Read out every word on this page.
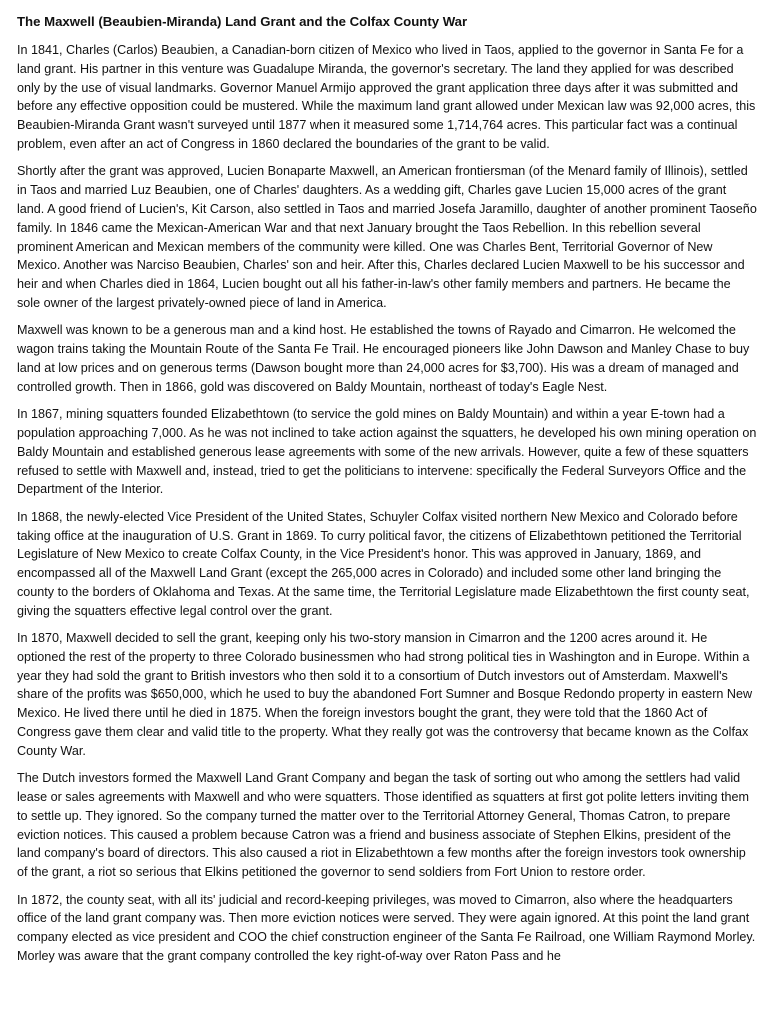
The Maxwell (Beaubien-Miranda) Land Grant and the Colfax County War

In 1841, Charles (Carlos) Beaubien, a Canadian-born citizen of Mexico who lived in Taos, applied to the governor in Santa Fe for a land grant. His partner in this venture was Guadalupe Miranda, the governor's secretary. The land they applied for was described only by the use of visual landmarks. Governor Manuel Armijo approved the grant application three days after it was submitted and before any effective opposition could be mustered. While the maximum land grant allowed under Mexican law was 92,000 acres, this Beaubien-Miranda Grant wasn't surveyed until 1877 when it measured some 1,714,764 acres. This particular fact was a continual problem, even after an act of Congress in 1860 declared the boundaries of the grant to be valid.

Shortly after the grant was approved, Lucien Bonaparte Maxwell, an American frontiersman (of the Menard family of Illinois), settled in Taos and married Luz Beaubien, one of Charles' daughters. As a wedding gift, Charles gave Lucien 15,000 acres of the grant land. A good friend of Lucien's, Kit Carson, also settled in Taos and married Josefa Jaramillo, daughter of another prominent Taoseño family. In 1846 came the Mexican-American War and that next January brought the Taos Rebellion. In this rebellion several prominent American and Mexican members of the community were killed. One was Charles Bent, Territorial Governor of New Mexico. Another was Narciso Beaubien, Charles' son and heir. After this, Charles declared Lucien Maxwell to be his successor and heir and when Charles died in 1864, Lucien bought out all his father-in-law's other family members and partners. He became the sole owner of the largest privately-owned piece of land in America.

Maxwell was known to be a generous man and a kind host. He established the towns of Rayado and Cimarron. He welcomed the wagon trains taking the Mountain Route of the Santa Fe Trail. He encouraged pioneers like John Dawson and Manley Chase to buy land at low prices and on generous terms (Dawson bought more than 24,000 acres for $3,700). His was a dream of managed and controlled growth. Then in 1866, gold was discovered on Baldy Mountain, northeast of today's Eagle Nest.

In 1867, mining squatters founded Elizabethtown (to service the gold mines on Baldy Mountain) and within a year E-town had a population approaching 7,000. As he was not inclined to take action against the squatters, he developed his own mining operation on Baldy Mountain and established generous lease agreements with some of the new arrivals. However, quite a few of these squatters refused to settle with Maxwell and, instead, tried to get the politicians to intervene: specifically the Federal Surveyors Office and the Department of the Interior.

In 1868, the newly-elected Vice President of the United States, Schuyler Colfax visited northern New Mexico and Colorado before taking office at the inauguration of U.S. Grant in 1869. To curry political favor, the citizens of Elizabethtown petitioned the Territorial Legislature of New Mexico to create Colfax County, in the Vice President's honor. This was approved in January, 1869, and encompassed all of the Maxwell Land Grant (except the 265,000 acres in Colorado) and included some other land bringing the county to the borders of Oklahoma and Texas. At the same time, the Territorial Legislature made Elizabethtown the first county seat, giving the squatters effective legal control over the grant.

In 1870, Maxwell decided to sell the grant, keeping only his two-story mansion in Cimarron and the 1200 acres around it. He optioned the rest of the property to three Colorado businessmen who had strong political ties in Washington and in Europe. Within a year they had sold the grant to British investors who then sold it to a consortium of Dutch investors out of Amsterdam. Maxwell's share of the profits was $650,000, which he used to buy the abandoned Fort Sumner and Bosque Redondo property in eastern New Mexico. He lived there until he died in 1875. When the foreign investors bought the grant, they were told that the 1860 Act of Congress gave them clear and valid title to the property. What they really got was the controversy that became known as the Colfax County War.

The Dutch investors formed the Maxwell Land Grant Company and began the task of sorting out who among the settlers had valid lease or sales agreements with Maxwell and who were squatters. Those identified as squatters at first got polite letters inviting them to settle up. They ignored. So the company turned the matter over to the Territorial Attorney General, Thomas Catron, to prepare eviction notices. This caused a problem because Catron was a friend and business associate of Stephen Elkins, president of the land company's board of directors. This also caused a riot in Elizabethtown a few months after the foreign investors took ownership of the grant, a riot so serious that Elkins petitioned the governor to send soldiers from Fort Union to restore order.

In 1872, the county seat, with all its' judicial and record-keeping privileges, was moved to Cimarron, also where the headquarters office of the land grant company was. Then more eviction notices were served. They were again ignored. At this point the land grant company elected as vice president and COO the chief construction engineer of the Santa Fe Railroad, one William Raymond Morley. Morley was aware that the grant company controlled the key right-of-way over Raton Pass and he
